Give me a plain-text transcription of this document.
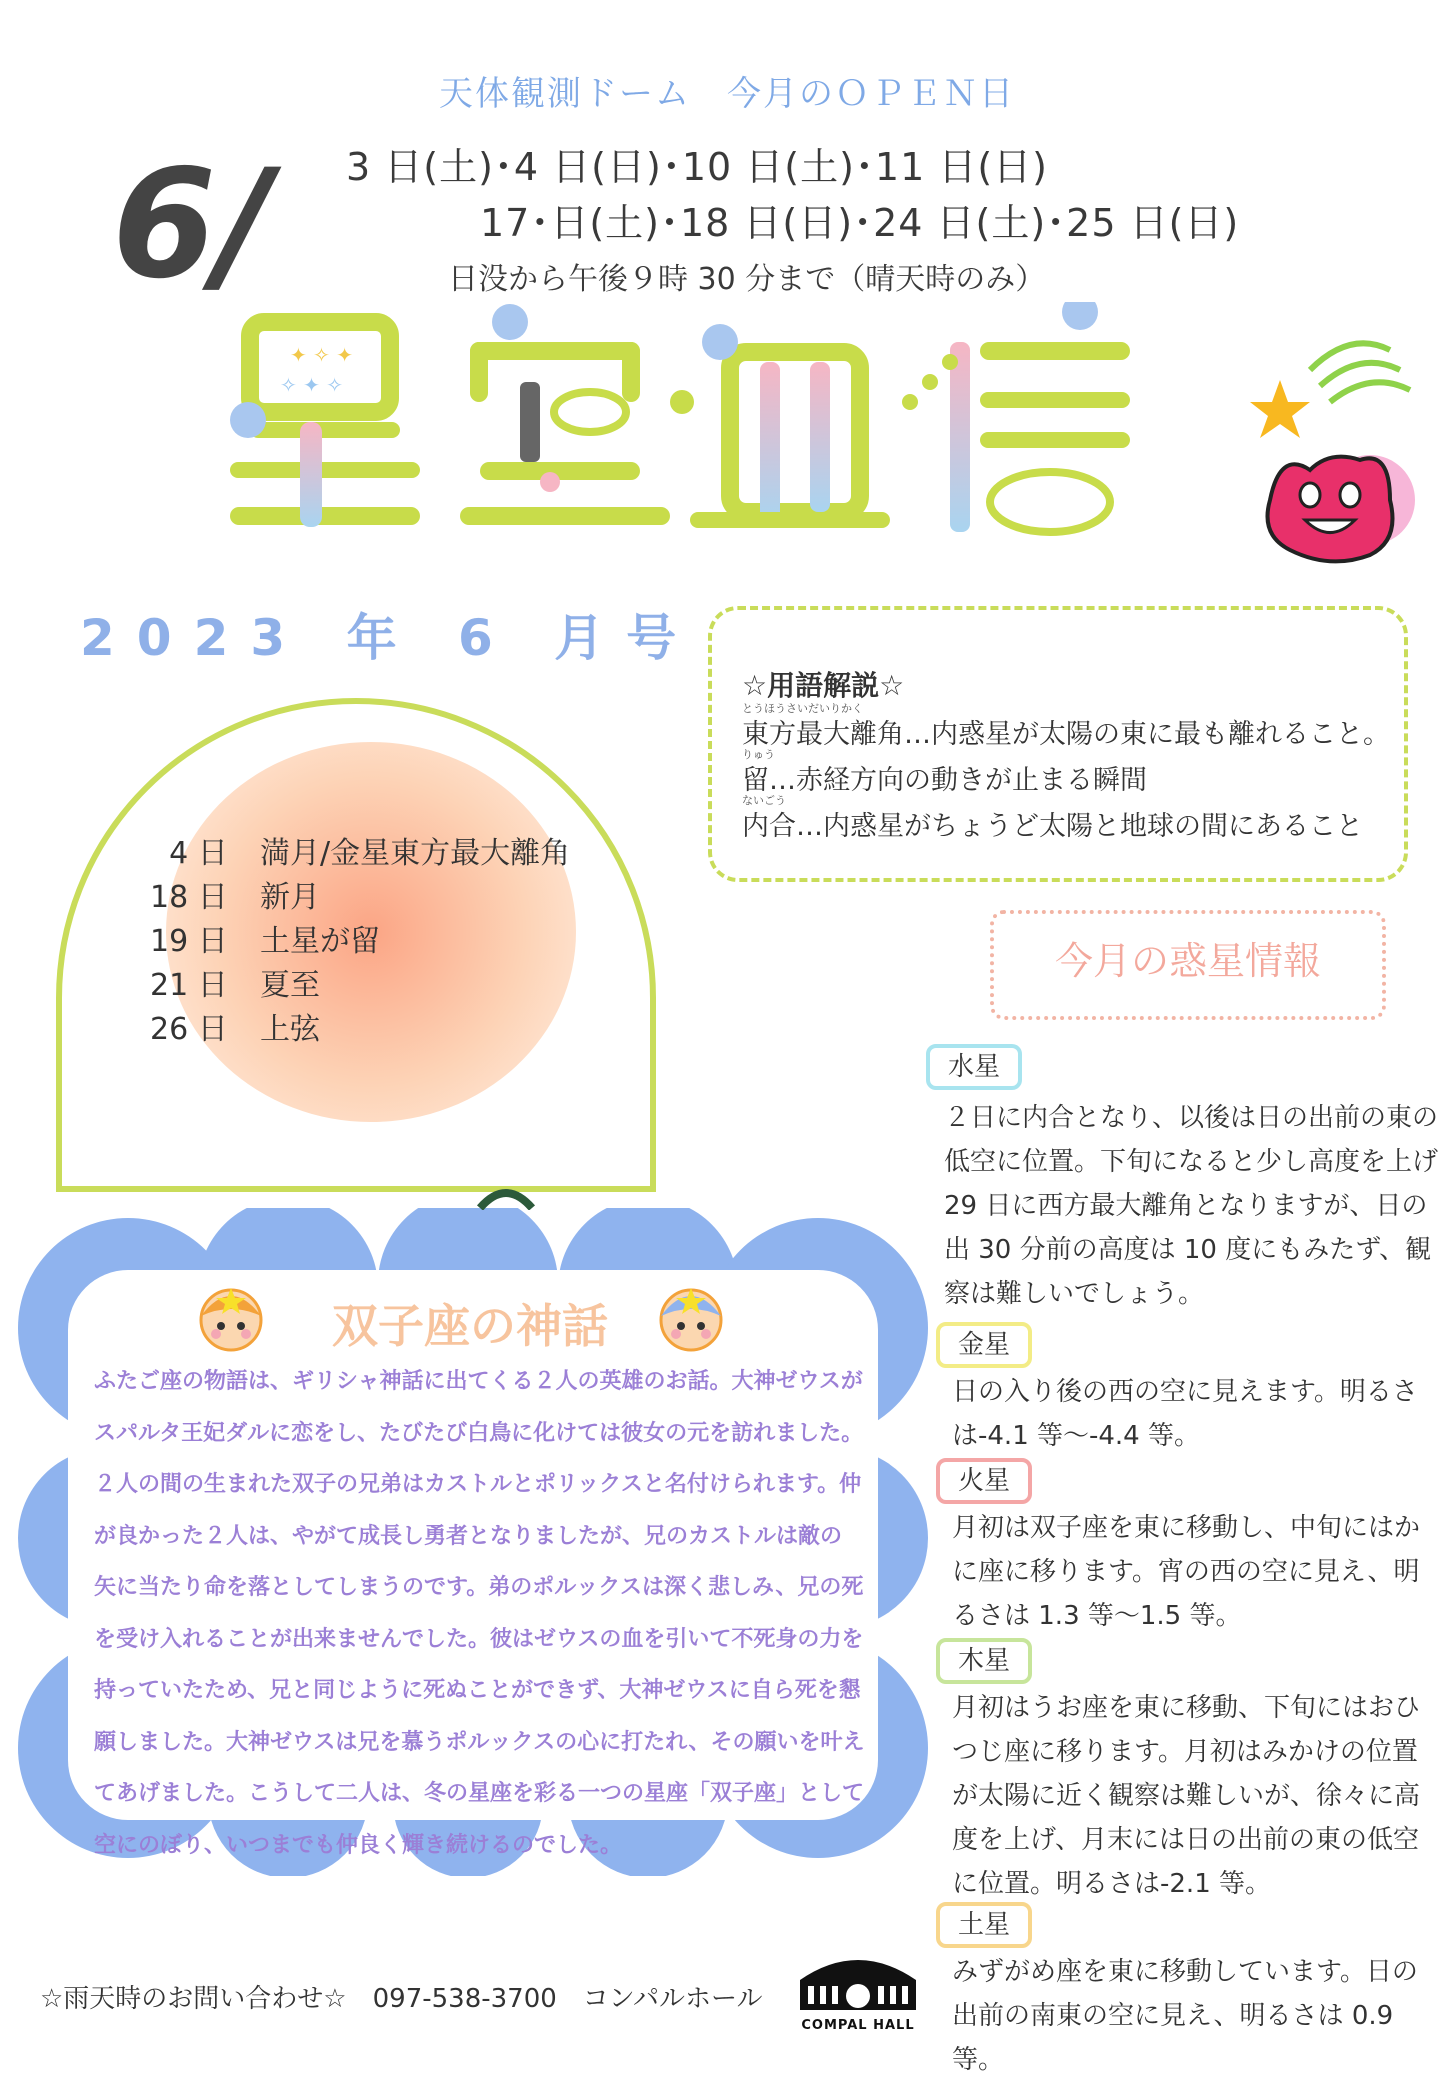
天体観測ドーム　今月のＯＰＥＮ日
3 日(土)･4 日(日)･10 日(土)･11 日(日)
17･日(土)･18 日(日)･24 日(土)･25 日(日)
日没から午後９時 30 分まで（晴天時のみ）
6/
✦ ✧ ✦
✧ ✦ ✧
2023 年 6 月号
☆用語解説☆
とうほうさいだいりかく
東方最大離角…内惑星が太陽の東に最も離れること。
りゅう
留…赤経方向の動きが止まる瞬間
ないごう
内合…内惑星がちょうど太陽と地球の間にあること
4 日 満月/金星東方最大離角
18 日 新月
19 日 土星が留
21 日 夏至
26 日 上弦
今月の惑星情報
水星
２日に内合となり、以後は日の出前の東の
低空に位置。下旬になると少し高度を上げ
29 日に西方最大離角となりますが、日の
出 30 分前の高度は 10 度にもみたず、観
察は難しいでしょう。
金星
日の入り後の西の空に見えます。明るさ
は-4.1 等～-4.4 等。
火星
月初は双子座を東に移動し、中旬にはか
に座に移ります。宵の西の空に見え、明
るさは 1.3 等～1.5 等。
木星
月初はうお座を東に移動、下旬にはおひ
つじ座に移ります。月初はみかけの位置
が太陽に近く観察は難しいが、徐々に高
度を上げ、月末には日の出前の東の低空
に位置。明るさは-2.1 等。
土星
みずがめ座を東に移動しています。日の
出前の南東の空に見え、明るさは 0.9 等。
双子座の神話
ふたご座の物語は、ギリシャ神話に出てくる２人の英雄のお話。大神ゼウスが
スパルタ王妃ダルに恋をし、たびたび白鳥に化けては彼女の元を訪れました。
２人の間の生まれた双子の兄弟はカストルとポリックスと名付けられます。仲
が良かった２人は、やがて成長し勇者となりましたが、兄のカストルは敵の
矢に当たり命を落としてしまうのです。弟のポルックスは深く悲しみ、兄の死
を受け入れることが出来ませんでした。彼はゼウスの血を引いて不死身の力を
持っていたため、兄と同じように死ぬことができず、大神ゼウスに自ら死を懇
願しました。大神ゼウスは兄を慕うポルックスの心に打たれ、その願いを叶え
てあげました。こうして二人は、冬の星座を彩る一つの星座「双子座」として
空にのぼり、いつまでも仲良く輝き続けるのでした。
☆雨天時のお問い合わせ☆　097-538-3700　コンパルホール
COMPAL HALL
